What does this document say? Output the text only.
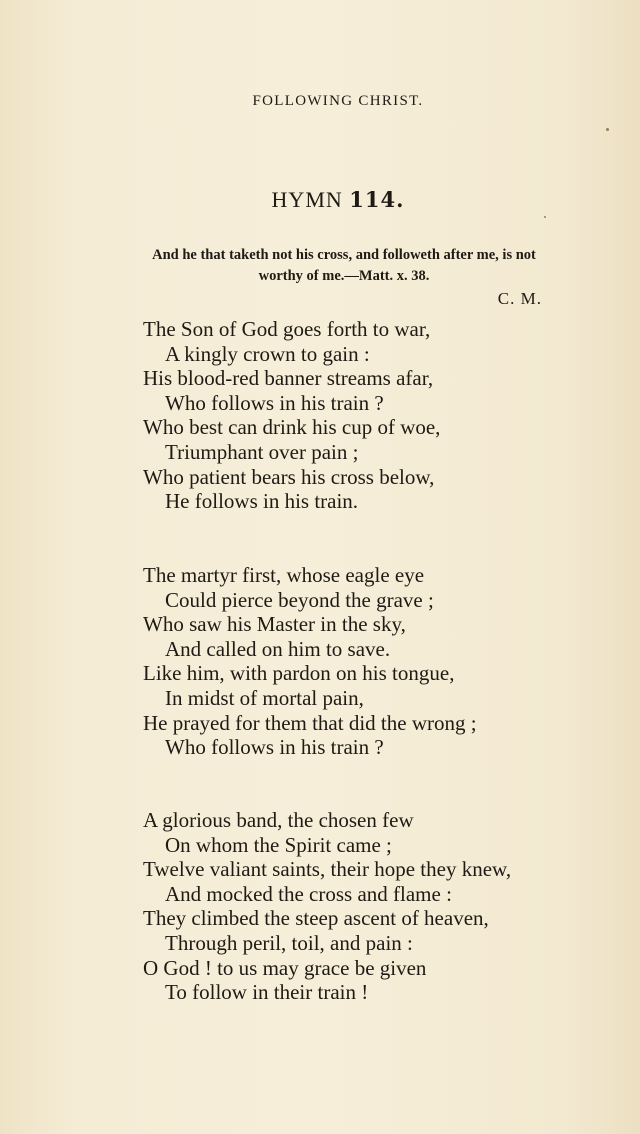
FOLLOWING CHRIST.
HYMN 114.
And he that taketh not his cross, and followeth after me, is not
worthy of me.—Matt. x. 38.
C. M.
The Son of God goes forth to war,
A kingly crown to gain :
His blood-red banner streams afar,
Who follows in his train ?
Who best can drink his cup of woe,
Triumphant over pain ;
Who patient bears his cross below,
He follows in his train.
The martyr first, whose eagle eye
Could pierce beyond the grave ;
Who saw his Master in the sky,
And called on him to save.
Like him, with pardon on his tongue,
In midst of mortal pain,
He prayed for them that did the wrong ;
Who follows in his train ?
A glorious band, the chosen few
On whom the Spirit came ;
Twelve valiant saints, their hope they knew,
And mocked the cross and flame :
They climbed the steep ascent of heaven,
Through peril, toil, and pain :
O God ! to us may grace be given
To follow in their train !
